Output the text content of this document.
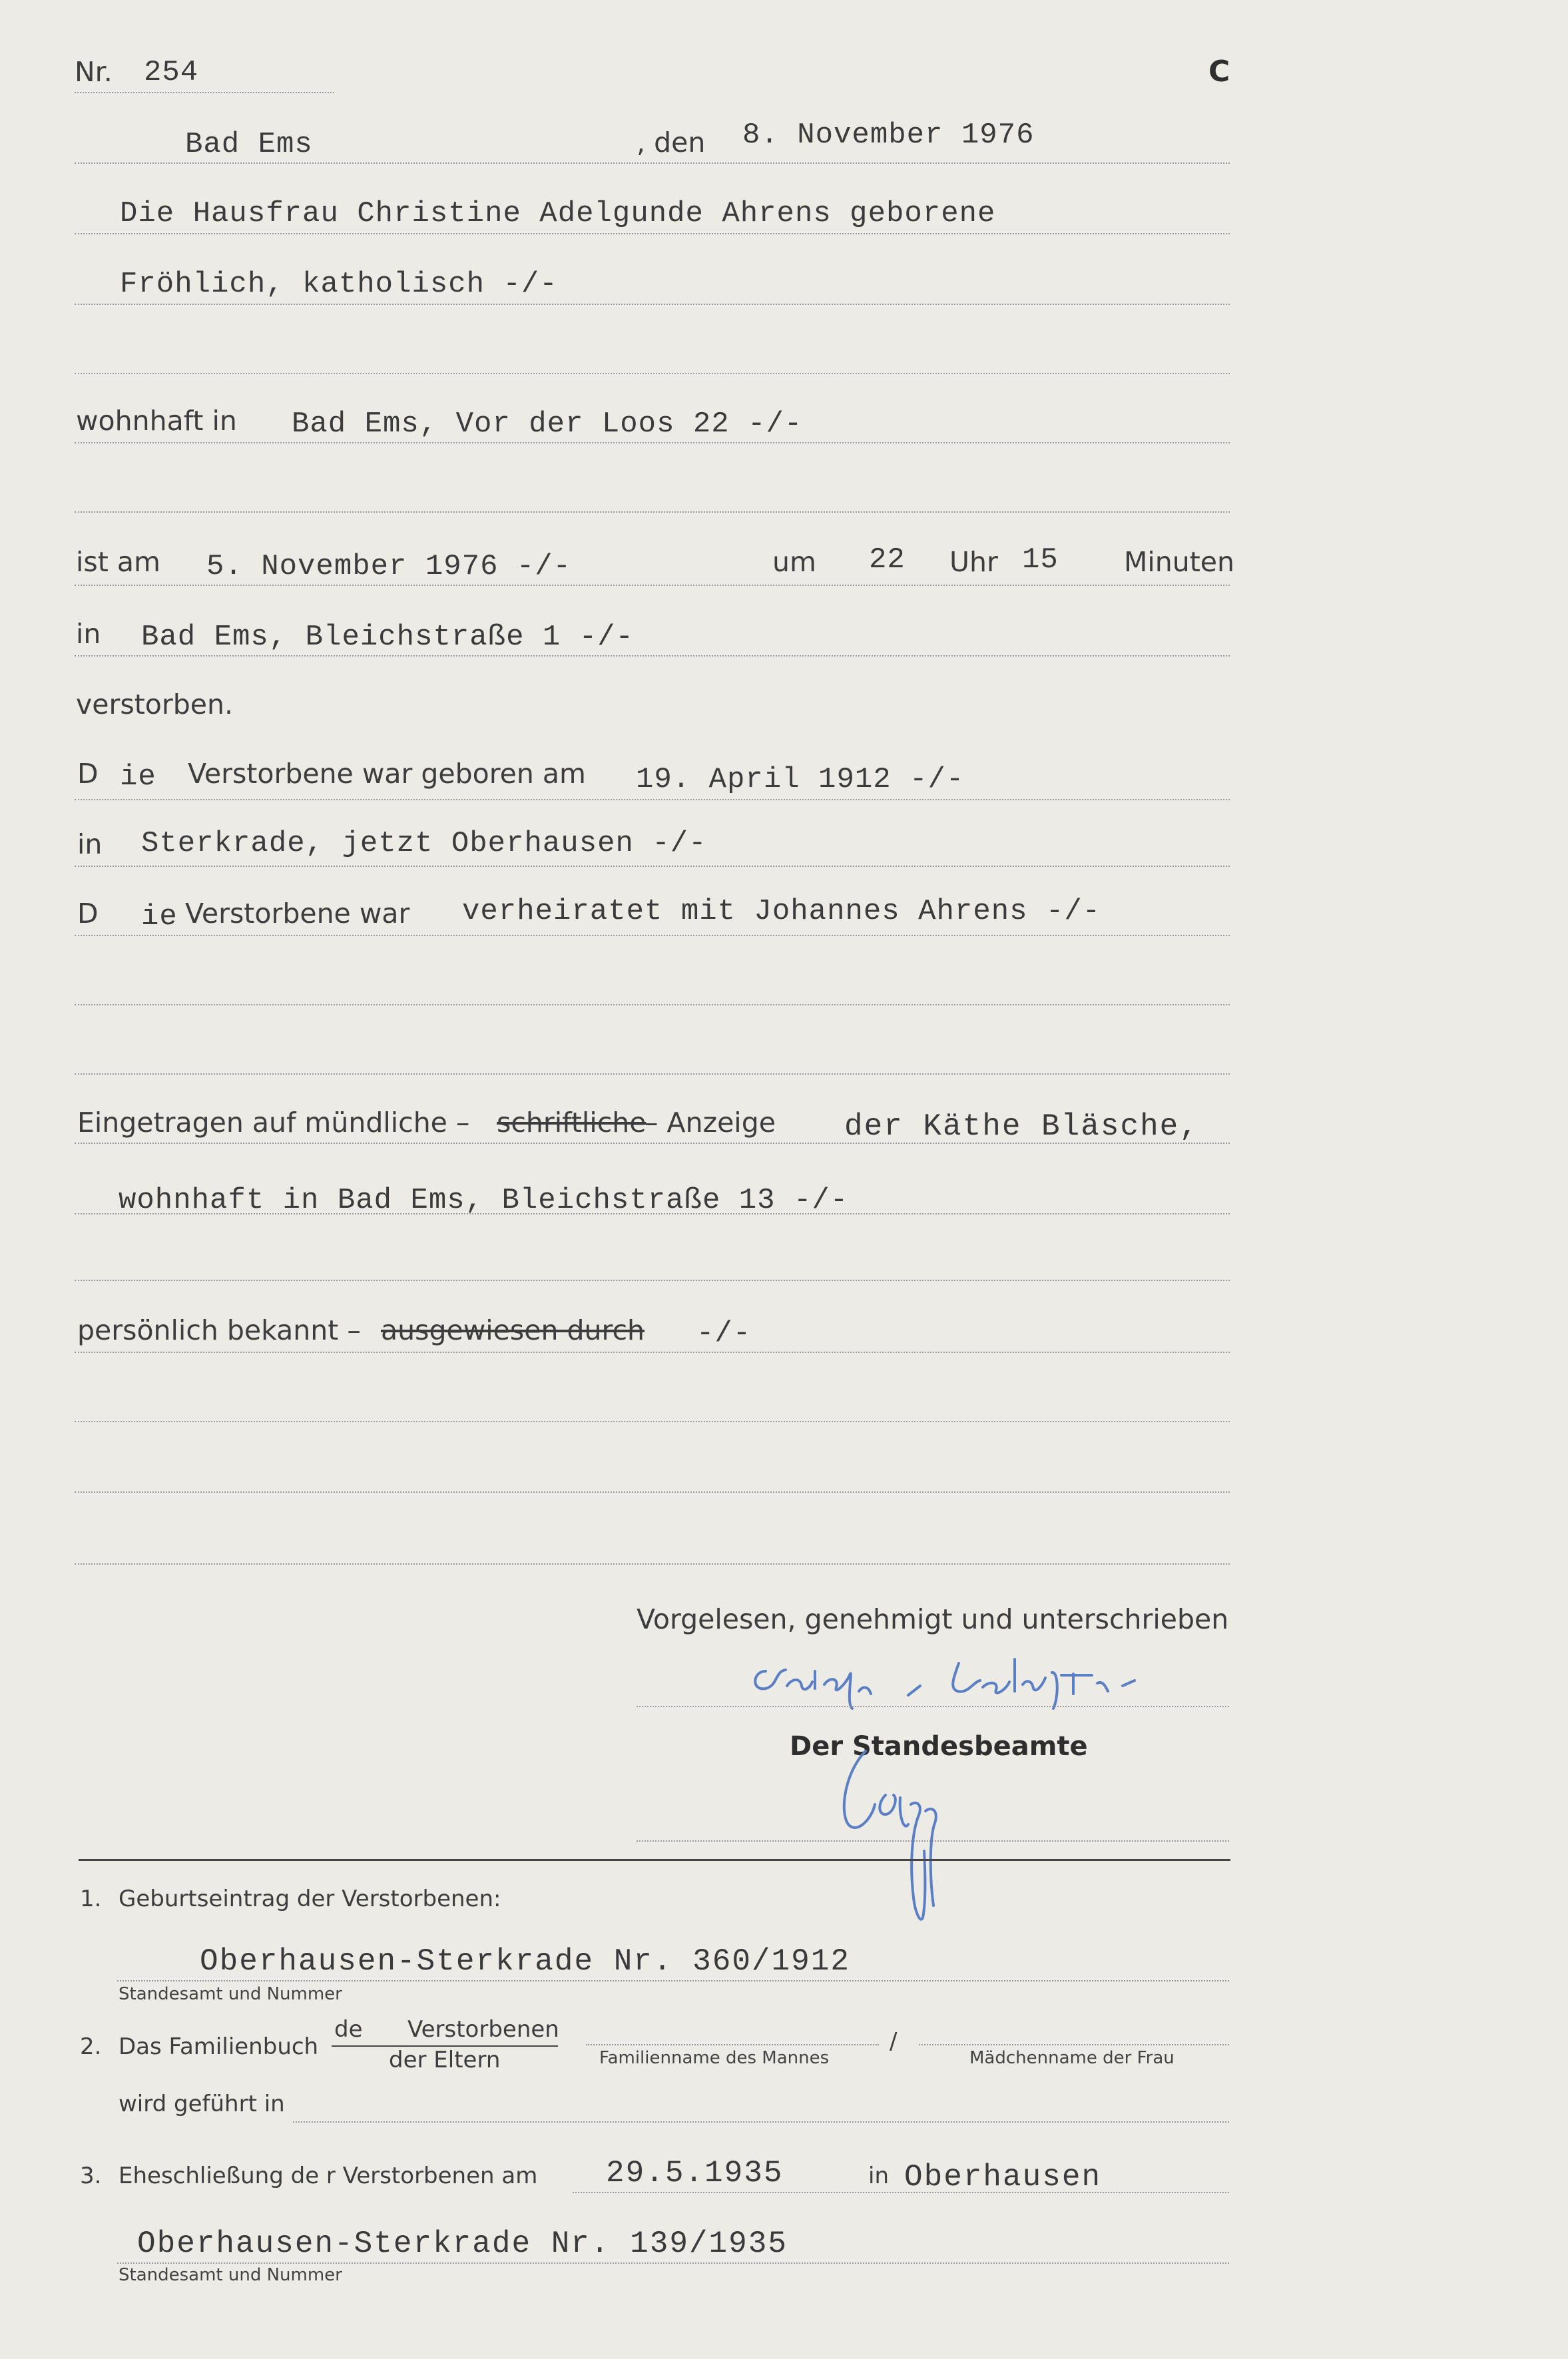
Nr. 254	C
Bad Ems	, den 8. November 1976
Die Hausfrau Christine Adelgunde Ahrens geborene
Fröhlich, katholisch -/-
wohnhaft in Bad Ems, Vor der Loos 22 -/-
ist am 5. November 1976 -/-	um 22 Uhr 15 Minuten
in Bad Ems, Bleichstraße 1 -/-
verstorben.
D ie Verstorbene war geboren am 19. April 1912 -/-
in Sterkrade, jetzt Oberhausen -/-
D ie Verstorbene war verheiratet mit Johannes Ahrens -/-
Eingetragen auf mündliche – schriftliche
– Anzeige der Käthe Bläsche,
wohnhaft in Bad Ems, Bleichstraße 13 -/-
persönlich bekannt – ausgewiesen durch -/-
Vorgelesen, genehmigt und unterschrieben
Der Standesbeamte
1. Geburtseintrag der Verstorbenen:
Oberhausen-Sterkrade Nr. 360/1912
Standesamt und Nummer
2. Das Familienbuch
de Verstorbenen
der Eltern	Familienname des Mannes
/
Mädchenname der Frau
wird geführt in
3. Eheschließung de r Verstorbenen am 29.5.1935	in Oberhausen
Oberhausen-Sterkrade Nr. 139/1935
Standesamt und Nummer
